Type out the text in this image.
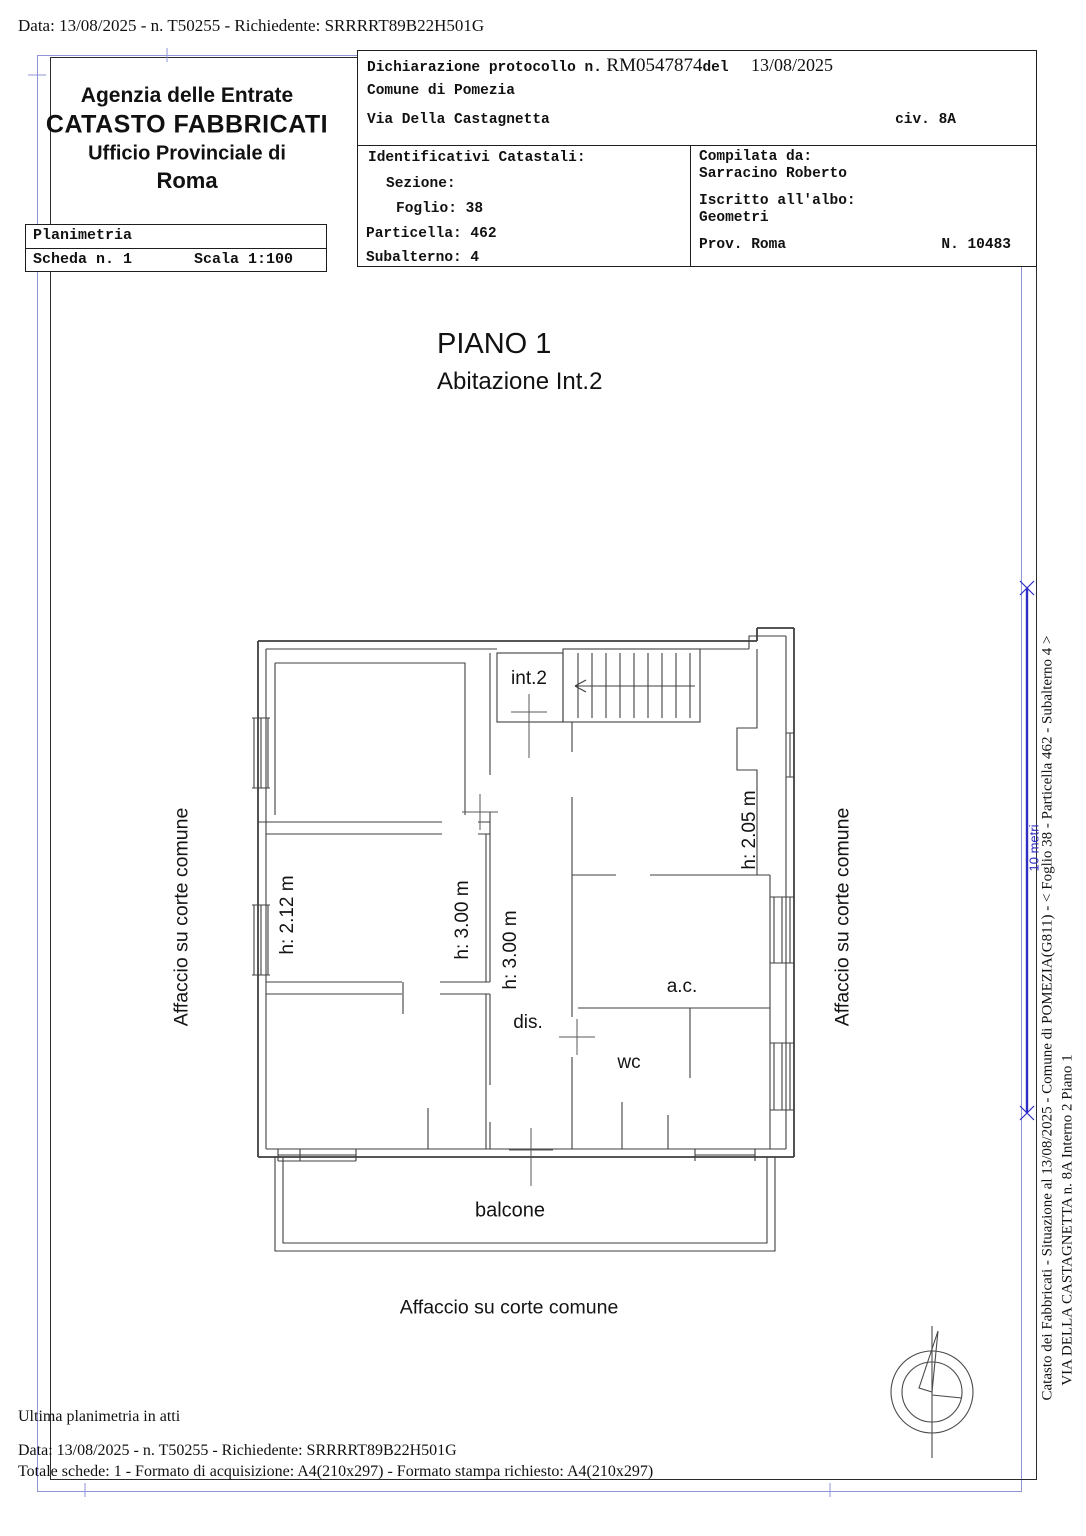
Data: 13/08/2025 - n. T50255 - Richiedente: SRRRRT89B22H501G
Agenzia delle Entrate
CATASTO FABBRICATI
Ufficio Provinciale di
Roma
Planimetria
Scheda n. 1	Scala 1:100
Dichiarazione protocollo n. RM0547874del 13/08/2025
Comune di Pomezia
Via Della Castagnetta	civ. 8A
Identificativi Catastali:
Sezione:
Foglio: 38
Particella: 462
Subalterno: 4
Compilata da:
Sarracino Roberto
Iscritto all'albo:
Geometri
Prov. Roma	N. 10483
PIANO 1
Abitazione Int.2
int.2
h: 2.12 m	h: 3.00 m h: 3.00 m
h: 2.05 m
dis.
a.c.
wc
balcone
Affaccio su corte comune	Affaccio su corte comune
Affaccio su corte comune
10 metri
Catasto dei Fabbricati - Situazione al 13/08/2025 - Comune di POMEZIA(G811) - < Foglio 38 - Particella 462 - Subalterno 4 > VIA DELLA CASTAGNETTA n. 8A Interno 2 Piano 1
Ultima planimetria in atti
Data: 13/08/2025 - n. T50255 - Richiedente: SRRRRT89B22H501G
Totale schede: 1 - Formato di acquisizione: A4(210x297) - Formato stampa richiesto: A4(210x297)
